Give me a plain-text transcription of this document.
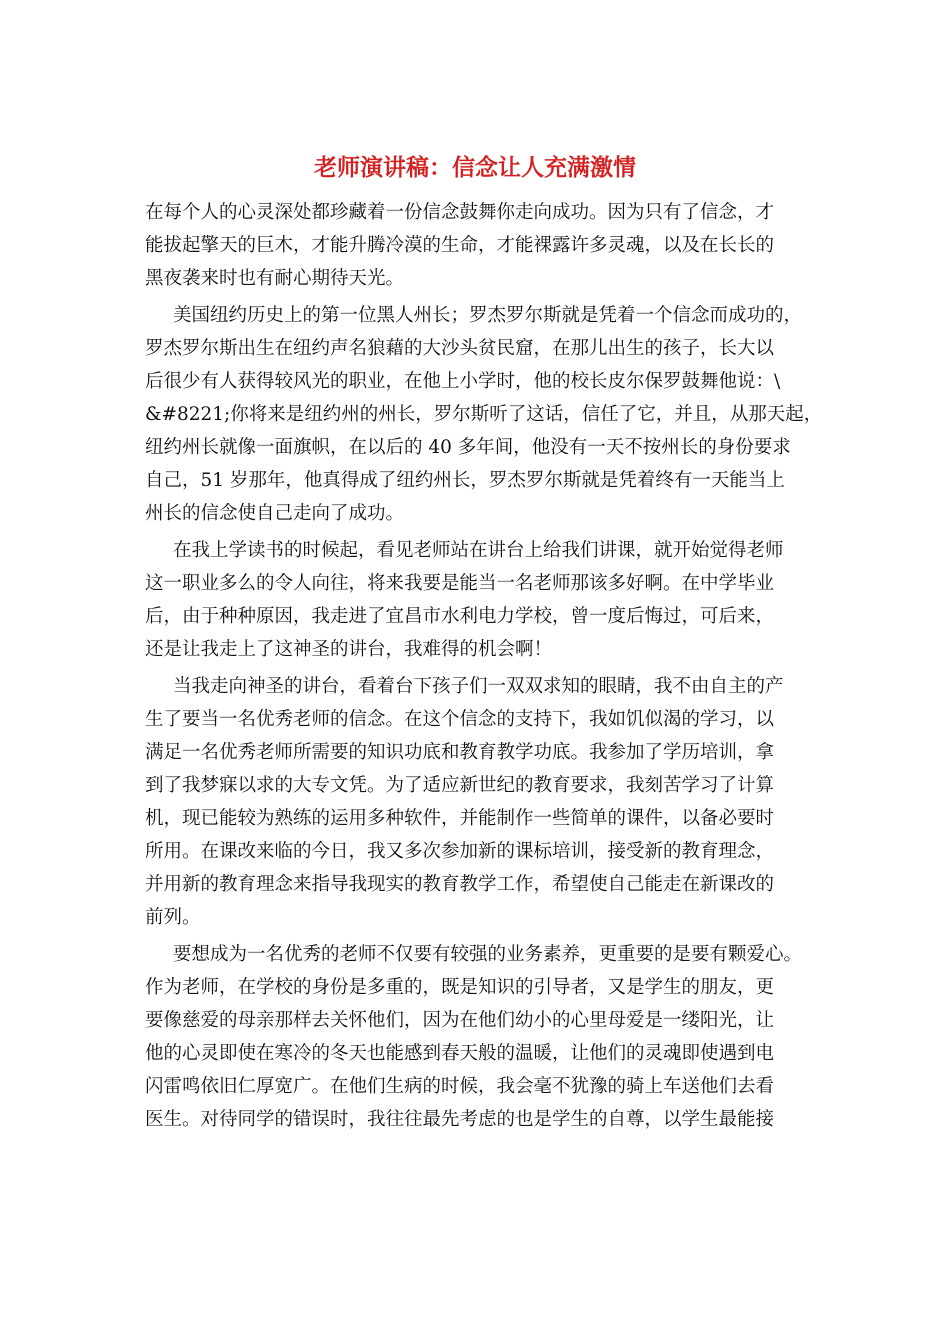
老师演讲稿：信念让人充满激情
在每个人的心灵深处都珍藏着一份信念鼓舞你走向成功。因为只有了信念，才
能拔起擎天的巨木，才能升腾冷漠的生命，才能裸露许多灵魂，以及在长长的
黑夜袭来时也有耐心期待天光。
美国纽约历史上的第一位黑人州长；罗杰罗尔斯就是凭着一个信念而成功的，
罗杰罗尔斯出生在纽约声名狼藉的大沙头贫民窟，在那儿出生的孩子，长大以
后很少有人获得较风光的职业，在他上小学时，他的校长皮尔保罗鼓舞他说：\
&#8221;你将来是纽约州的州长，罗尔斯听了这话，信任了它，并且，从那天起，
纽约州长就像一面旗帜，在以后的 40 多年间，他没有一天不按州长的身份要求
自己，51 岁那年，他真得成了纽约州长，罗杰罗尔斯就是凭着终有一天能当上
州长的信念使自己走向了成功。
在我上学读书的时候起，看见老师站在讲台上给我们讲课，就开始觉得老师
这一职业多么的令人向往，将来我要是能当一名老师那该多好啊。在中学毕业
后，由于种种原因，我走进了宜昌市水利电力学校，曾一度后悔过，可后来，
还是让我走上了这神圣的讲台，我难得的机会啊！
当我走向神圣的讲台，看着台下孩子们一双双求知的眼睛，我不由自主的产
生了要当一名优秀老师的信念。在这个信念的支持下，我如饥似渴的学习，以
满足一名优秀老师所需要的知识功底和教育教学功底。我参加了学历培训，拿
到了我梦寐以求的大专文凭。为了适应新世纪的教育要求，我刻苦学习了计算
机，现已能较为熟练的运用多种软件，并能制作一些简单的课件，以备必要时
所用。在课改来临的今日，我又多次参加新的课标培训，接受新的教育理念，
并用新的教育理念来指导我现实的教育教学工作，希望使自己能走在新课改的
前列。
要想成为一名优秀的老师不仅要有较强的业务素养，更重要的是要有颗爱心。
作为老师，在学校的身份是多重的，既是知识的引导者，又是学生的朋友，更
要像慈爱的母亲那样去关怀他们，因为在他们幼小的心里母爱是一缕阳光，让
他的心灵即使在寒冷的冬天也能感到春天般的温暖，让他们的灵魂即使遇到电
闪雷鸣依旧仁厚宽广。在他们生病的时候，我会毫不犹豫的骑上车送他们去看
医生。对待同学的错误时，我往往最先考虑的也是学生的自尊，以学生最能接
